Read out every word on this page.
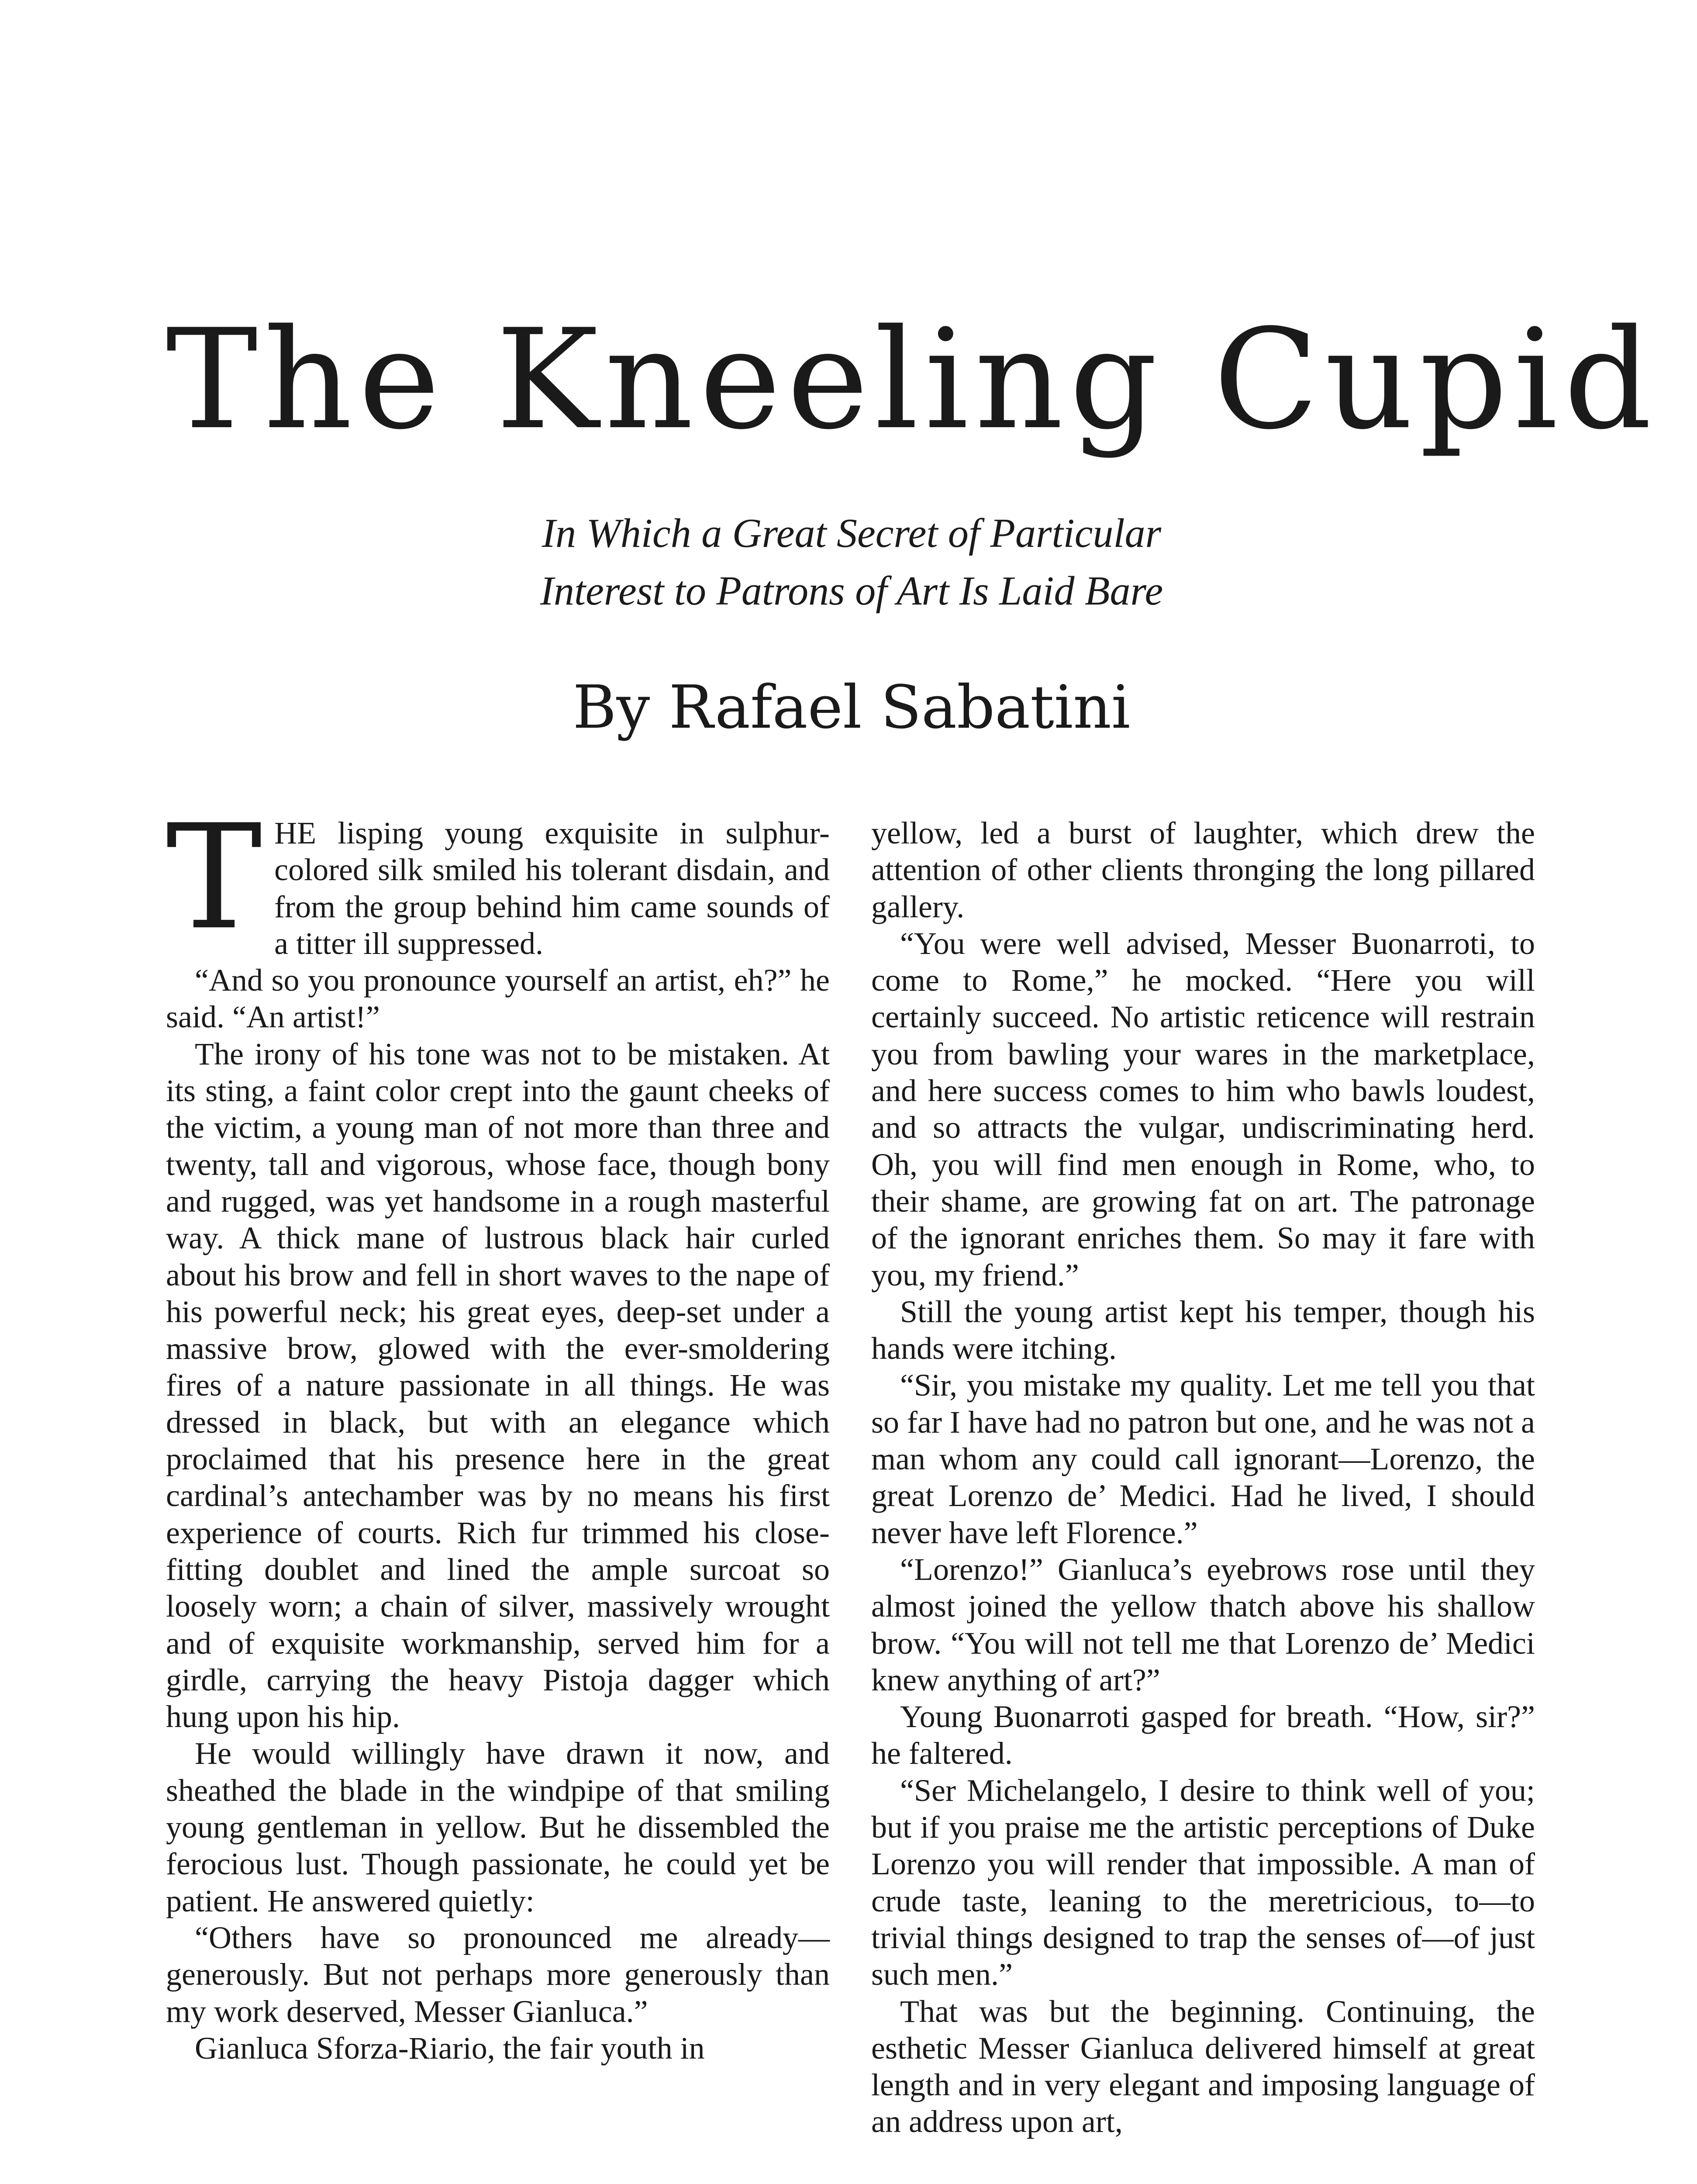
The Kneeling Cupid
In Which a Great Secret of Particular
Interest to Patrons of Art Is Laid Bare
By Rafael Sabatini

THE lisping young exquisite in sulphur-colored silk smiled his tolerant disdain, and from the group behind him came sounds of a titter ill suppressed.

“And so you pronounce yourself an artist, eh?” he said. “An artist!”

The irony of his tone was not to be mistaken. At its sting, a faint color crept into the gaunt cheeks of the victim, a young man of not more than three and twenty, tall and vigorous, whose face, though bony and rugged, was yet handsome in a rough masterful way. A thick mane of lustrous black hair curled about his brow and fell in short waves to the nape of his powerful neck; his great eyes, deep-set under a massive brow, glowed with the ever-smoldering fires of a nature passionate in all things. He was dressed in black, but with an elegance which proclaimed that his presence here in the great cardinal’s antechamber was by no means his first experience of courts. Rich fur trimmed his close-fitting doublet and lined the ample surcoat so loosely worn; a chain of silver, massively wrought and of exquisite workmanship, served him for a girdle, carrying the heavy Pistoja dagger which hung upon his hip.

He would willingly have drawn it now, and sheathed the blade in the windpipe of that smiling young gentleman in yellow. But he dissembled the ferocious lust. Though passionate, he could yet be patient. He answered quietly:

“Others have so pronounced me already—generously. But not perhaps more generously than my work deserved, Messer Gianluca.”

Gianluca Sforza-Riario, the fair youth in

yellow, led a burst of laughter, which drew the attention of other clients thronging the long pillared gallery.

“You were well advised, Messer Buonarroti, to come to Rome,” he mocked. “Here you will certainly succeed. No artistic reticence will restrain you from bawling your wares in the marketplace, and here success comes to him who bawls loudest, and so attracts the vulgar, undiscriminating herd. Oh, you will find men enough in Rome, who, to their shame, are growing fat on art. The patronage of the ignorant enriches them. So may it fare with you, my friend.”

Still the young artist kept his temper, though his hands were itching.

“Sir, you mistake my quality. Let me tell you that so far I have had no patron but one, and he was not a man whom any could call ignorant—Lorenzo, the great Lorenzo de’ Medici. Had he lived, I should never have left Florence.”

“Lorenzo!” Gianluca’s eyebrows rose until they almost joined the yellow thatch above his shallow brow. “You will not tell me that Lorenzo de’ Medici knew anything of art?”

Young Buonarroti gasped for breath. “How, sir?” he faltered.

“Ser Michelangelo, I desire to think well of you; but if you praise me the artistic perceptions of Duke Lorenzo you will render that impossible. A man of crude taste, leaning to the meretricious, to—to trivial things designed to trap the senses of—of just such men.”

That was but the beginning. Continuing, the esthetic Messer Gianluca delivered himself at great length and in very elegant and imposing language of an address upon art,
